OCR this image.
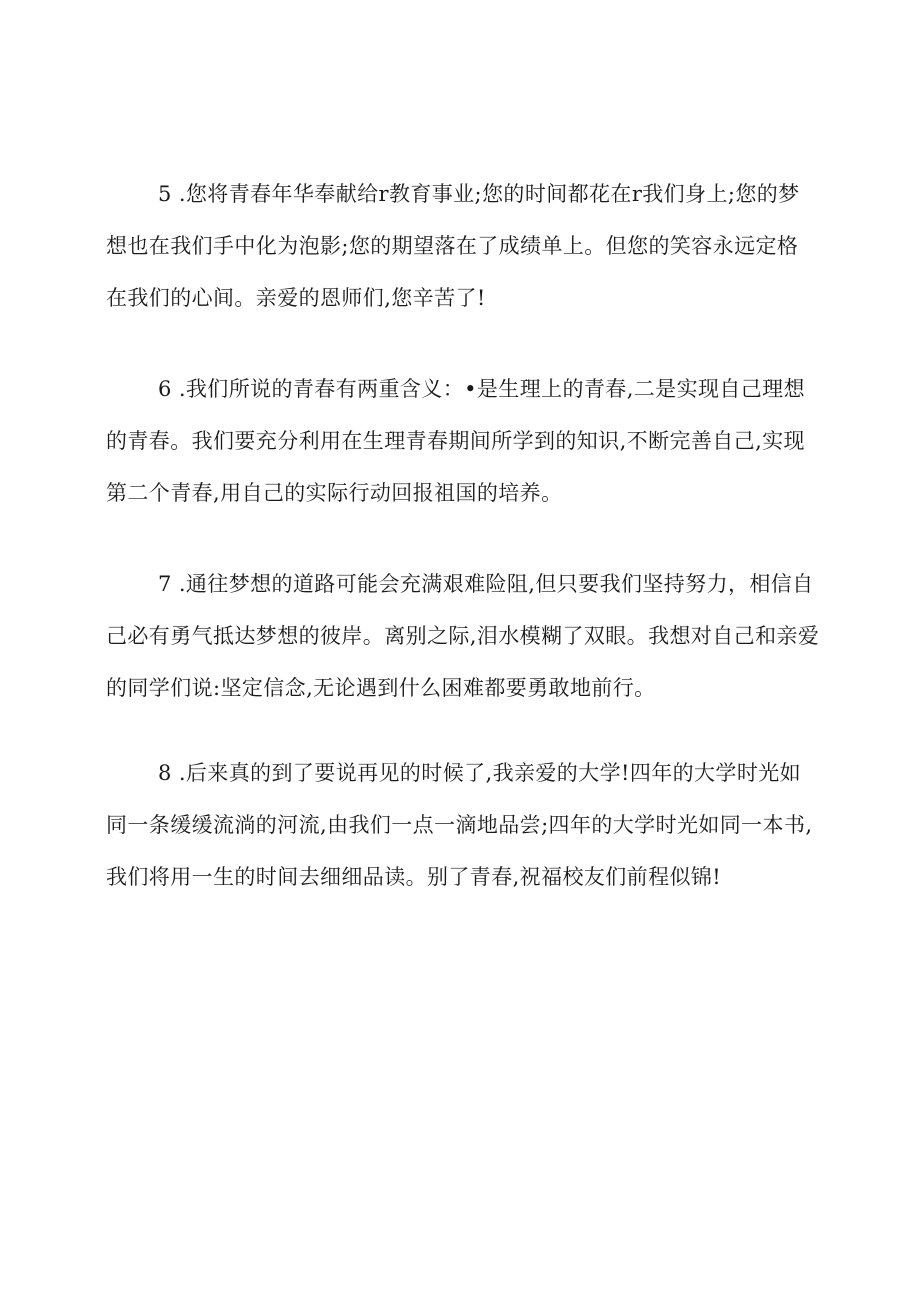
5 .您将青春年华奉献给r教育事业;您的时间都花在r我们身上;您的梦
想也在我们手中化为泡影;您的期望落在了成绩单上。但您的笑容永远定格
在我们的心间。亲爱的恩师们,您辛苦了!
6 .我们所说的青春有两重含义：•是生理上的青春,二是实现自己理想
的青春。我们要充分利用在生理青春期间所学到的知识,不断完善自己,实现
第二个青春,用自己的实际行动回报祖国的培养。
7 .通往梦想的道路可能会充满艰难险阻,但只要我们坚持努力，相信自
己必有勇气抵达梦想的彼岸。离别之际,泪水模糊了双眼。我想对自己和亲爱
的同学们说:坚定信念,无论遇到什么困难都要勇敢地前行。
8 .后来真的到了要说再见的时候了,我亲爱的大学!四年的大学时光如
同一条缓缓流淌的河流,由我们一点一滴地品尝;四年的大学时光如同一本书,
我们将用一生的时间去细细品读。别了青春,祝福校友们前程似锦!
